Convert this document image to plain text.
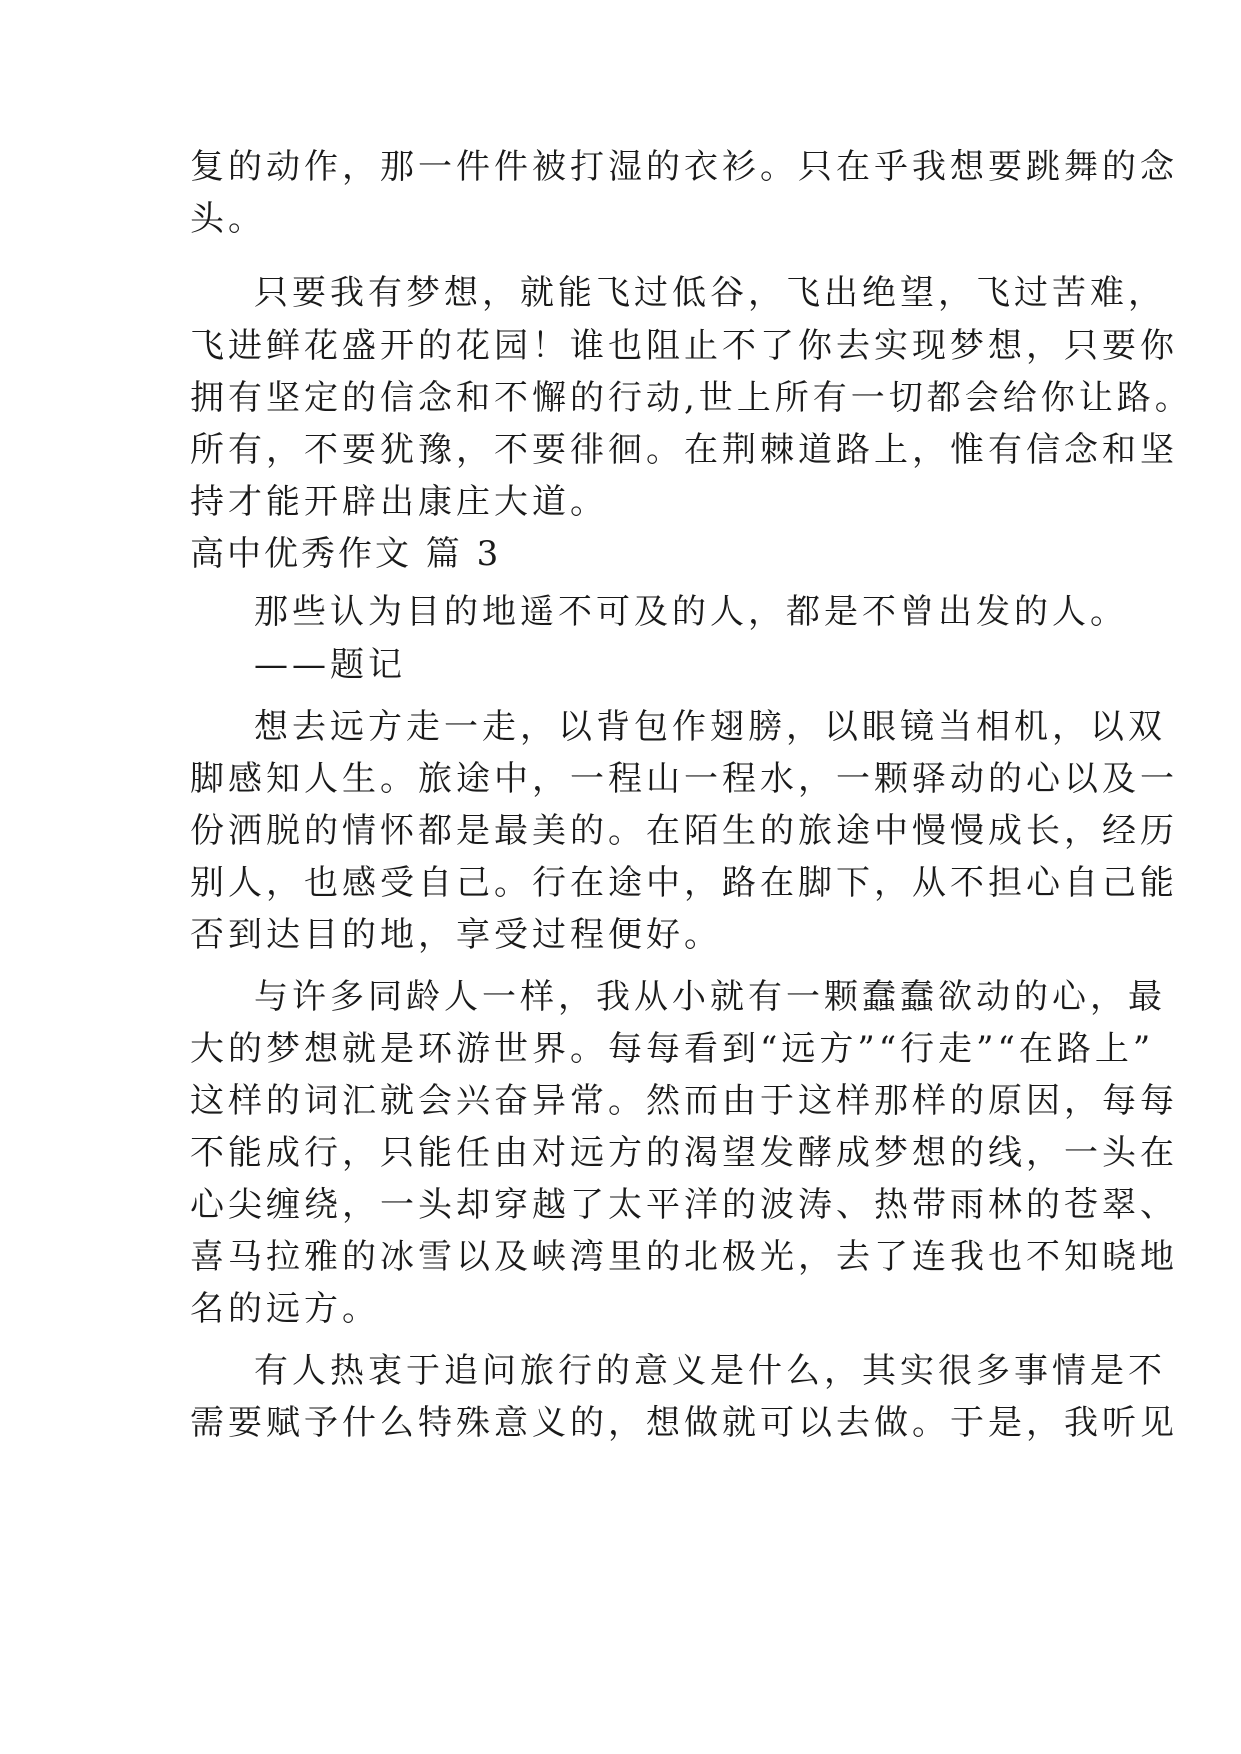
复的动作，那一件件被打湿的衣衫。只在乎我想要跳舞的念
头。
只要我有梦想，就能飞过低谷，飞出绝望，飞过苦难，
飞进鲜花盛开的花园！谁也阻止不了你去实现梦想，只要你
拥有坚定的信念和不懈的行动,世上所有一切都会给你让路。
所有，不要犹豫，不要徘徊。在荆棘道路上，惟有信念和坚
持才能开辟出康庄大道。
高中优秀作文 篇 3
那些认为目的地遥不可及的人，都是不曾出发的人。
——题记
想去远方走一走，以背包作翅膀，以眼镜当相机，以双
脚感知人生。旅途中，一程山一程水，一颗驿动的心以及一
份洒脱的情怀都是最美的。在陌生的旅途中慢慢成长，经历
别人，也感受自己。行在途中，路在脚下，从不担心自己能
否到达目的地，享受过程便好。
与许多同龄人一样，我从小就有一颗蠢蠢欲动的心，最
大的梦想就是环游世界。每每看到“远方”“行走”“在路上”
这样的词汇就会兴奋异常。然而由于这样那样的原因，每每
不能成行，只能任由对远方的渴望发酵成梦想的线，一头在
心尖缠绕，一头却穿越了太平洋的波涛、热带雨林的苍翠、
喜马拉雅的冰雪以及峡湾里的北极光，去了连我也不知晓地
名的远方。
有人热衷于追问旅行的意义是什么，其实很多事情是不
需要赋予什么特殊意义的，想做就可以去做。于是，我听见
